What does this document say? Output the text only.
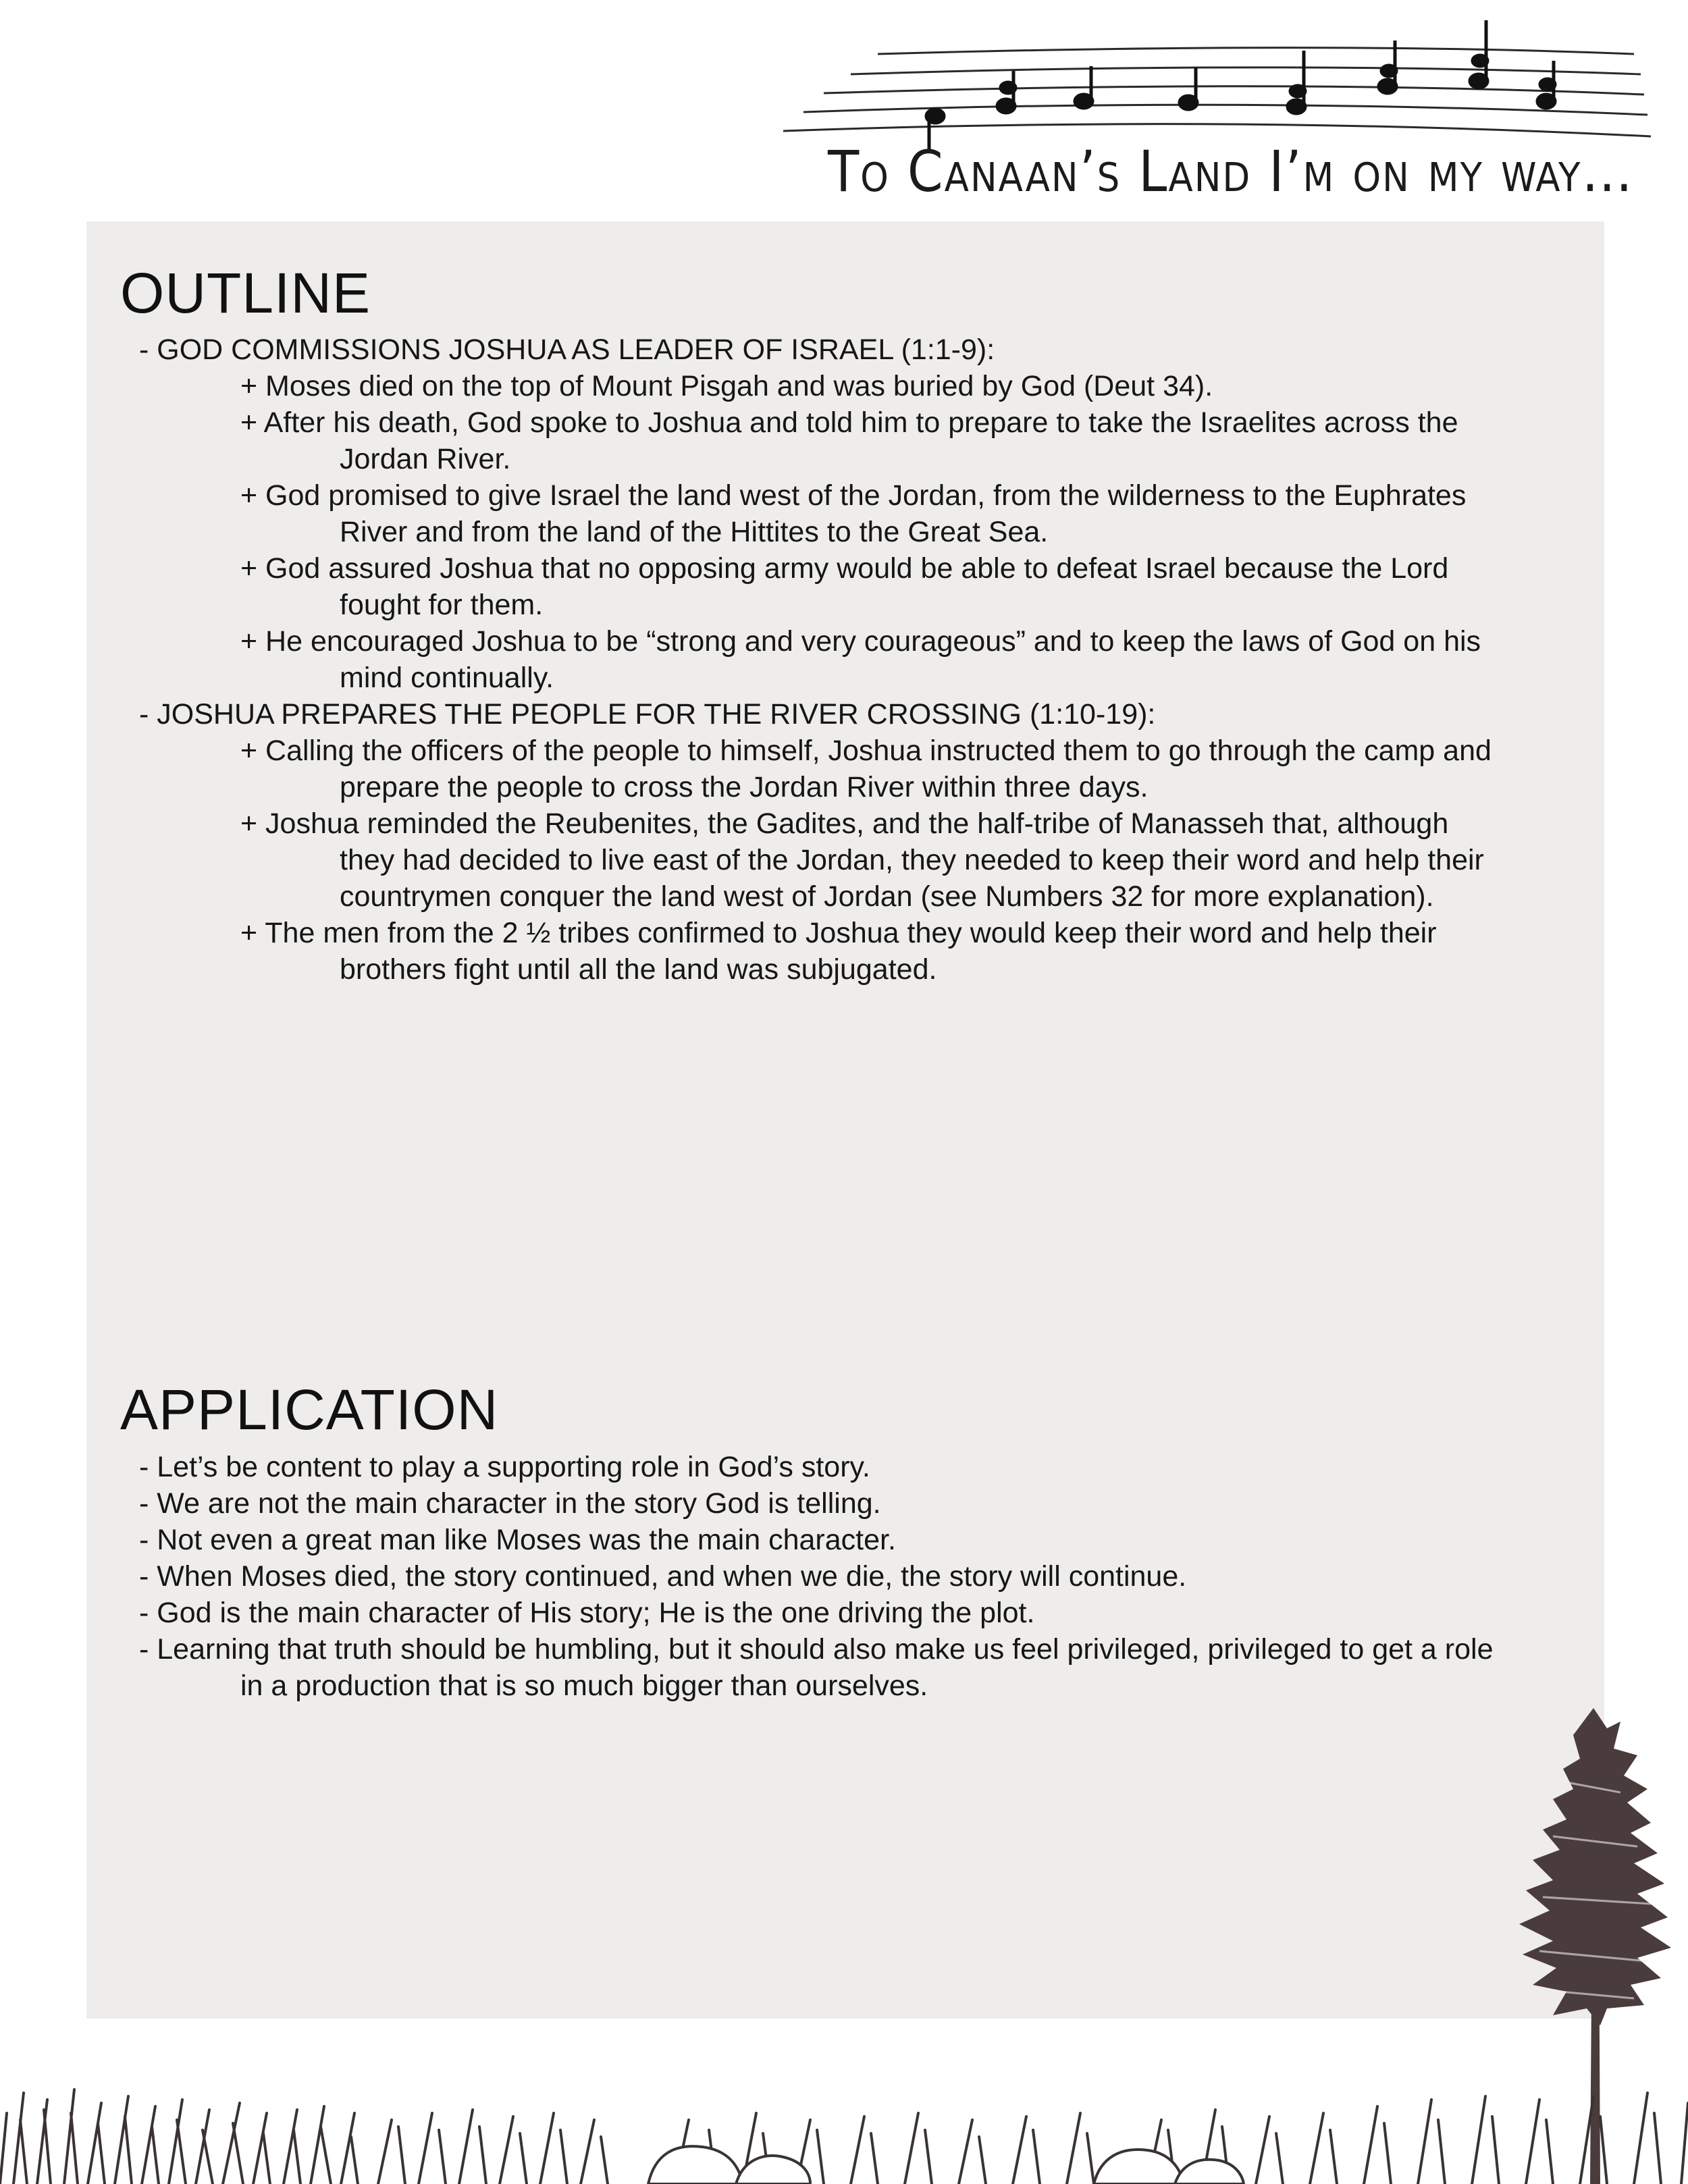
To Canaan’s Land I’m on my way…
OUTLINE
- GOD COMMISSIONS JOSHUA AS LEADER OF ISRAEL (1:1-9):
+ Moses died on the top of Mount Pisgah and was buried by God (Deut 34).
+ After his death, God spoke to Joshua and told him to prepare to take the Israelites across the
Jordan River.
+ God promised to give Israel the land west of the Jordan, from the wilderness to the Euphrates
River and from the land of the Hittites to the Great Sea.
+ God assured Joshua that no opposing army would be able to defeat Israel because the Lord
fought for them.
+ He encouraged Joshua to be “strong and very courageous” and to keep the laws of God on his
mind continually.
- JOSHUA PREPARES THE PEOPLE FOR THE RIVER CROSSING (1:10-19):
+ Calling the officers of the people to himself, Joshua instructed them to go through the camp and
prepare the people to cross the Jordan River within three days.
+ Joshua reminded the Reubenites, the Gadites, and the half-tribe of Manasseh that, although
they had decided to live east of the Jordan, they needed to keep their word and help their
countrymen conquer the land west of Jordan (see Numbers 32 for more explanation).
+ The men from the 2 ½ tribes confirmed to Joshua they would keep their word and help their
brothers fight until all the land was subjugated.
APPLICATION
- Let’s be content to play a supporting role in God’s story.
- We are not the main character in the story God is telling.
- Not even a great man like Moses was the main character.
- When Moses died, the story continued, and when we die, the story will continue.
- God is the main character of His story; He is the one driving the plot.
- Learning that truth should be humbling, but it should also make us feel privileged, privileged to get a role
in a production that is so much bigger than ourselves.
